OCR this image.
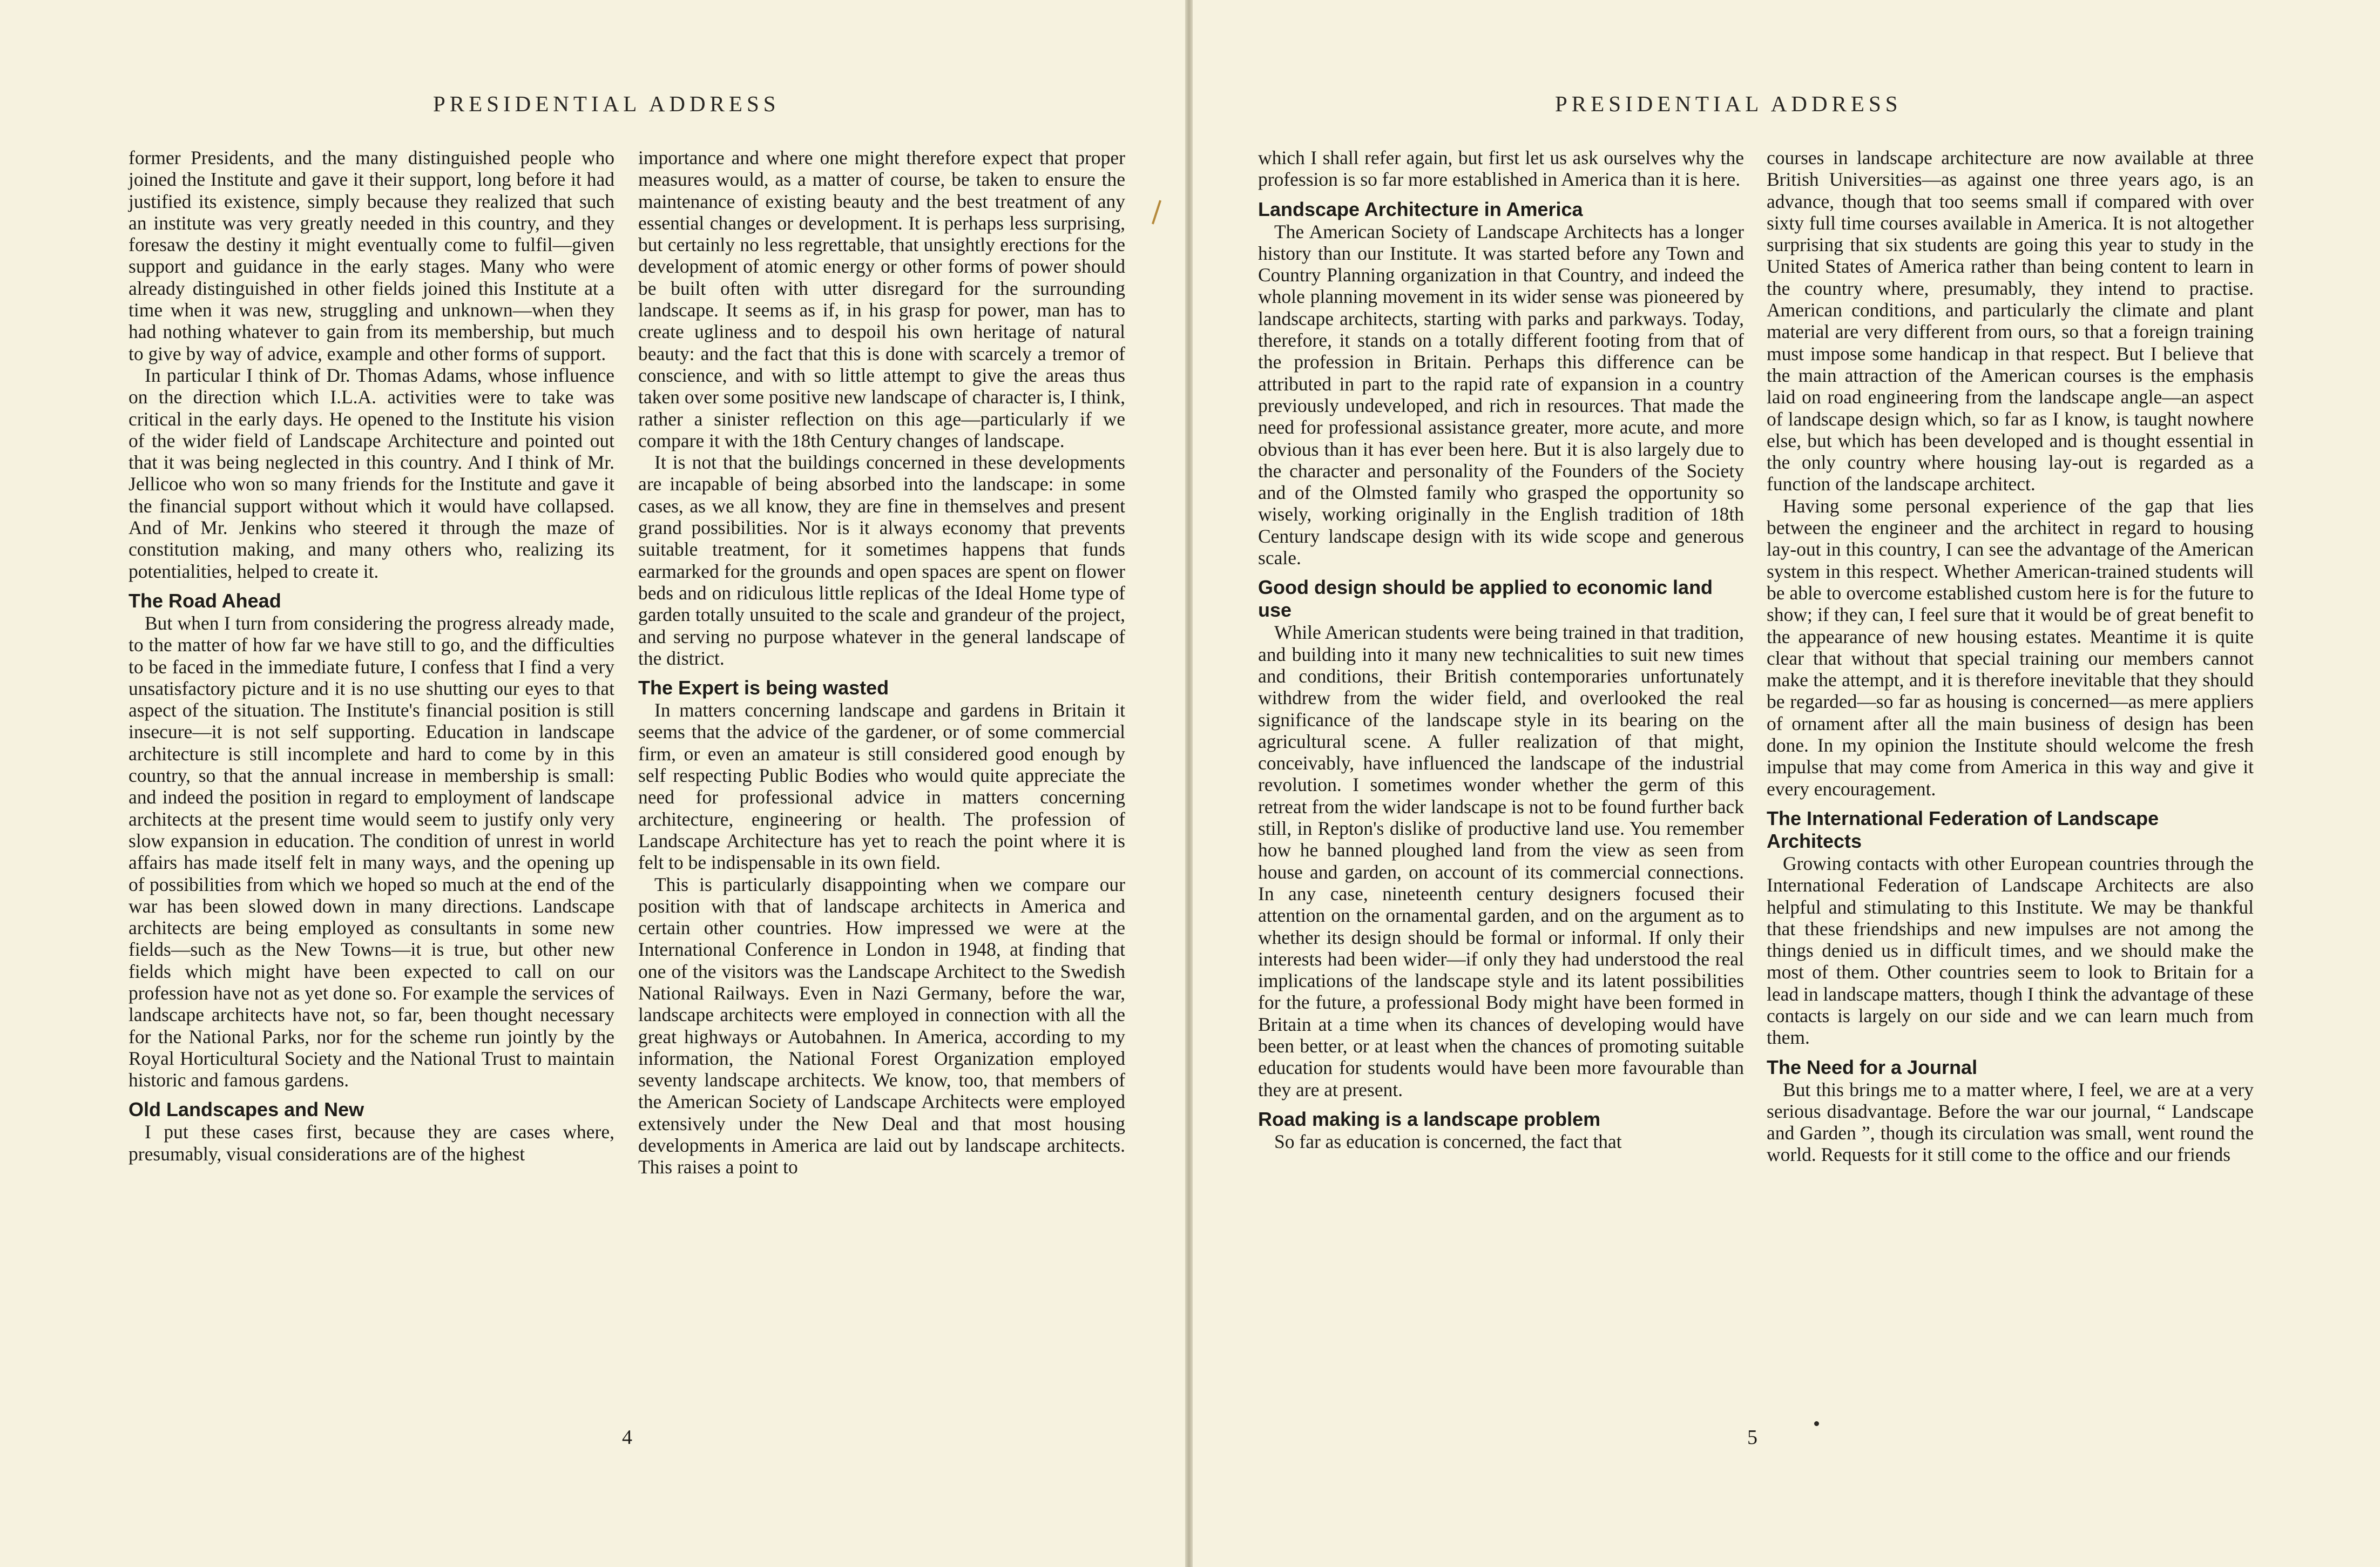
PRESIDENTIAL ADDRESS	PRESIDENTIAL ADDRESS

former Presidents, and the many distinguished people who joined the Institute and gave it their support, long before it had justified its existence, simply because they realized that such an institute was very greatly needed in this country, and they foresaw the destiny it might eventually come to fulfil—given support and guidance in the early stages. Many who were already distinguished in other fields joined this Institute at a time when it was new, struggling and unknown—when they had nothing whatever to gain from its membership, but much to give by way of advice, example and other forms of support.

In particular I think of Dr. Thomas Adams, whose influence on the direction which I.L.A. activities were to take was critical in the early days. He opened to the Institute his vision of the wider field of Landscape Architecture and pointed out that it was being neglected in this country. And I think of Mr. Jellicoe who won so many friends for the Institute and gave it the financial support without which it would have collapsed. And of Mr. Jenkins who steered it through the maze of constitution making, and many others who, realizing its potentialities, helped to create it.

The Road Ahead

But when I turn from considering the progress already made, to the matter of how far we have still to go, and the difficulties to be faced in the immediate future, I confess that I find a very unsatisfactory picture and it is no use shutting our eyes to that aspect of the situation. The Institute's financial position is still insecure—it is not self supporting. Education in landscape architecture is still incomplete and hard to come by in this country, so that the annual increase in membership is small: and indeed the position in regard to employment of landscape architects at the present time would seem to justify only very slow expansion in education. The condition of unrest in world affairs has made itself felt in many ways, and the opening up of possibilities from which we hoped so much at the end of the war has been slowed down in many directions. Landscape architects are being employed as consultants in some new fields—such as the New Towns—it is true, but other new fields which might have been expected to call on our profession have not as yet done so. For example the services of landscape architects have not, so far, been thought necessary for the National Parks, nor for the scheme run jointly by the Royal Horticultural Society and the National Trust to maintain historic and famous gardens.

Old Landscapes and New

I put these cases first, because they are cases where, presumably, visual considerations are of the highest

importance and where one might therefore expect that proper measures would, as a matter of course, be taken to ensure the maintenance of existing beauty and the best treatment of any essential changes or development. It is perhaps less surprising, but certainly no less regrettable, that unsightly erections for the development of atomic energy or other forms of power should be built often with utter disregard for the surrounding landscape. It seems as if, in his grasp for power, man has to create ugliness and to despoil his own heritage of natural beauty: and the fact that this is done with scarcely a tremor of conscience, and with so little attempt to give the areas thus taken over some positive new landscape of character is, I think, rather a sinister reflection on this age—particularly if we compare it with the 18th Century changes of landscape.

It is not that the buildings concerned in these developments are incapable of being absorbed into the landscape: in some cases, as we all know, they are fine in themselves and present grand possibilities. Nor is it always economy that prevents suitable treatment, for it sometimes happens that funds earmarked for the grounds and open spaces are spent on flower beds and on ridiculous little replicas of the Ideal Home type of garden totally unsuited to the scale and grandeur of the project, and serving no purpose whatever in the general landscape of the district.

The Expert is being wasted

In matters concerning landscape and gardens in Britain it seems that the advice of the gardener, or of some commercial firm, or even an amateur is still considered good enough by self respecting Public Bodies who would quite appreciate the need for professional advice in matters concerning architecture, engineering or health. The profession of Landscape Architecture has yet to reach the point where it is felt to be indispensable in its own field.

This is particularly disappointing when we compare our position with that of landscape architects in America and certain other countries. How impressed we were at the International Conference in London in 1948, at finding that one of the visitors was the Landscape Architect to the Swedish National Railways. Even in Nazi Germany, before the war, landscape architects were employed in connection with all the great highways or Autobahnen. In America, according to my information, the National Forest Organization employed seventy landscape architects. We know, too, that members of the American Society of Landscape Architects were employed extensively under the New Deal and that most housing developments in America are laid out by landscape architects. This raises a point to

which I shall refer again, but first let us ask ourselves why the profession is so far more established in America than it is here.

Landscape Architecture in America

The American Society of Landscape Architects has a longer history than our Institute. It was started before any Town and Country Planning organization in that Country, and indeed the whole planning movement in its wider sense was pioneered by landscape architects, starting with parks and parkways. Today, therefore, it stands on a totally different footing from that of the profession in Britain. Perhaps this difference can be attributed in part to the rapid rate of expansion in a country previously undeveloped, and rich in resources. That made the need for professional assistance greater, more acute, and more obvious than it has ever been here. But it is also largely due to the character and personality of the Founders of the Society and of the Olmsted family who grasped the opportunity so wisely, working originally in the English tradition of 18th Century landscape design with its wide scope and generous scale.

Good design should be applied to economic land use

While American students were being trained in that tradition, and building into it many new technicalities to suit new times and conditions, their British contemporaries unfortunately withdrew from the wider field, and overlooked the real significance of the landscape style in its bearing on the agricultural scene. A fuller realization of that might, conceivably, have influenced the landscape of the industrial revolution. I sometimes wonder whether the germ of this retreat from the wider landscape is not to be found further back still, in Repton's dislike of productive land use. You remember how he banned ploughed land from the view as seen from house and garden, on account of its commercial connections. In any case, nineteenth century designers focused their attention on the ornamental garden, and on the argument as to whether its design should be formal or informal. If only their interests had been wider—if only they had understood the real implications of the landscape style and its latent possibilities for the future, a professional Body might have been formed in Britain at a time when its chances of developing would have been better, or at least when the chances of promoting suitable education for students would have been more favourable than they are at present.

Road making is a landscape problem

So far as education is concerned, the fact that

courses in landscape architecture are now available at three British Universities—as against one three years ago, is an advance, though that too seems small if compared with over sixty full time courses available in America. It is not altogether surprising that six students are going this year to study in the United States of America rather than being content to learn in the country where, presumably, they intend to practise. American conditions, and particularly the climate and plant material are very different from ours, so that a foreign training must impose some handicap in that respect. But I believe that the main attraction of the American courses is the emphasis laid on road engineering from the landscape angle—an aspect of landscape design which, so far as I know, is taught nowhere else, but which has been developed and is thought essential in the only country where housing lay-out is regarded as a function of the landscape architect.

Having some personal experience of the gap that lies between the engineer and the architect in regard to housing lay-out in this country, I can see the advantage of the American system in this respect. Whether American-trained students will be able to overcome established custom here is for the future to show; if they can, I feel sure that it would be of great benefit to the appearance of new housing estates. Meantime it is quite clear that without that special training our members cannot make the attempt, and it is therefore inevitable that they should be regarded—so far as housing is concerned—as mere appliers of ornament after all the main business of design has been done. In my opinion the Institute should welcome the fresh impulse that may come from America in this way and give it every encouragement.

The International Federation of Landscape Architects

Growing contacts with other European countries through the International Federation of Landscape Architects are also helpful and stimulating to this Institute. We may be thankful that these friendships and new impulses are not among the things denied us in difficult times, and we should make the most of them. Other countries seem to look to Britain for a lead in landscape matters, though I think the advantage of these contacts is largely on our side and we can learn much from them.

The Need for a Journal

But this brings me to a matter where, I feel, we are at a very serious disadvantage. Before the war our journal, “ Landscape and Garden ”, though its circulation was small, went round the world. Requests for it still come to the office and our friends

4	5
